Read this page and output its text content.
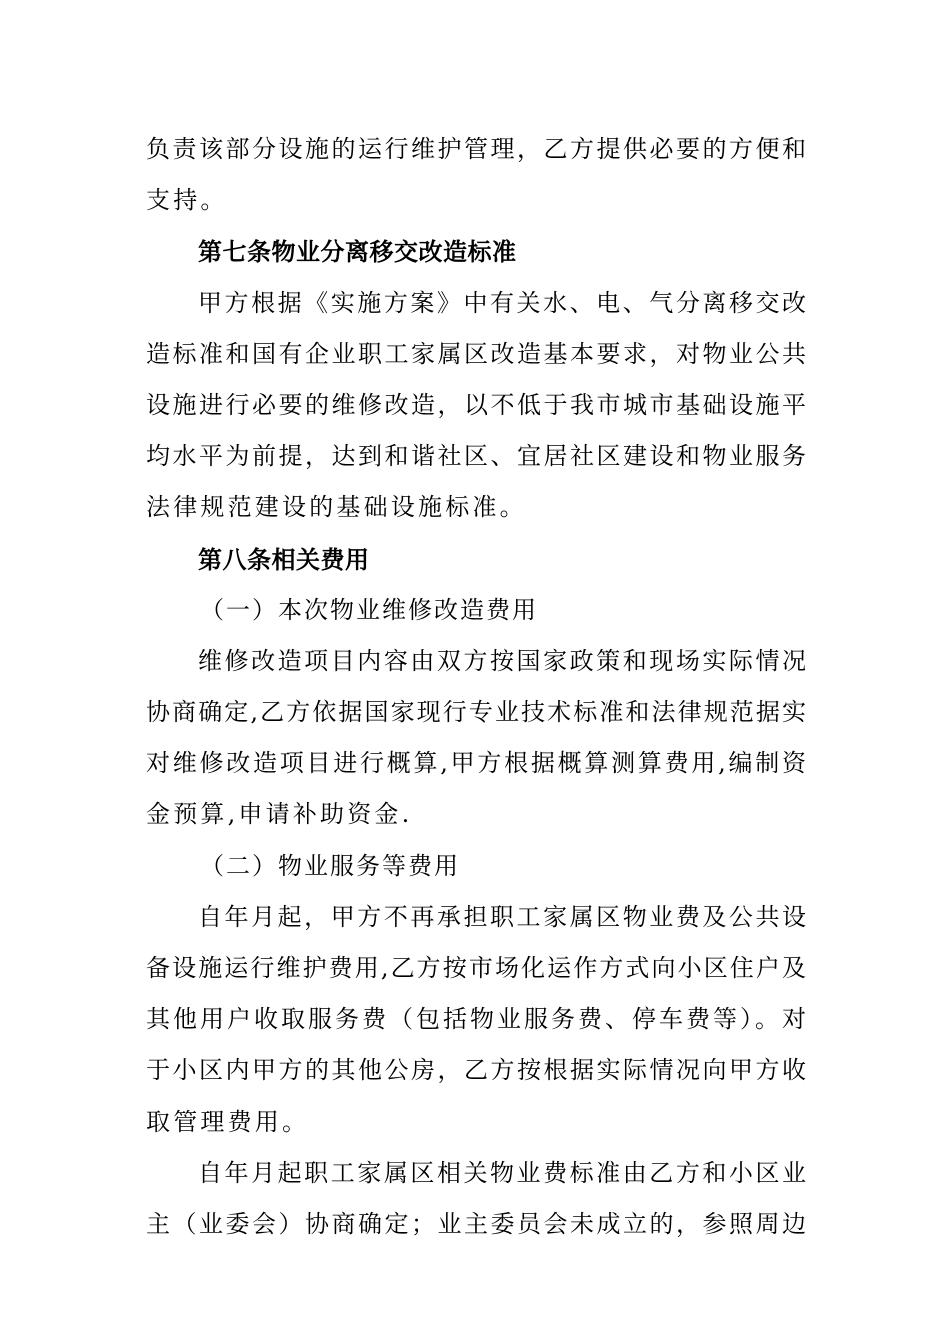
负责该部分设施的运行维护管理，乙方提供必要的方便和
支持。
第七条物业分离移交改造标准
甲方根据《实施方案》中有关水、电、气分离移交改
造标准和国有企业职工家属区改造基本要求，对物业公共
设施进行必要的维修改造，以不低于我市城市基础设施平
均水平为前提，达到和谐社区、宜居社区建设和物业服务
法律规范建设的基础设施标准。
第八条相关费用
（一）本次物业维修改造费用
维修改造项目内容由双方按国家政策和现场实际情况
协商确定,乙方依据国家现行专业技术标准和法律规范据实
对维修改造项目进行概算,甲方根据概算测算费用,编制资
金预算,申请补助资金.
（二）物业服务等费用
自年月起，甲方不再承担职工家属区物业费及公共设
备设施运行维护费用,乙方按市场化运作方式向小区住户及
其他用户收取服务费（包括物业服务费、停车费等）。对
于小区内甲方的其他公房，乙方按根据实际情况向甲方收
取管理费用。
自年月起职工家属区相关物业费标准由乙方和小区业
主（业委会）协商确定；业主委员会未成立的，参照周边
